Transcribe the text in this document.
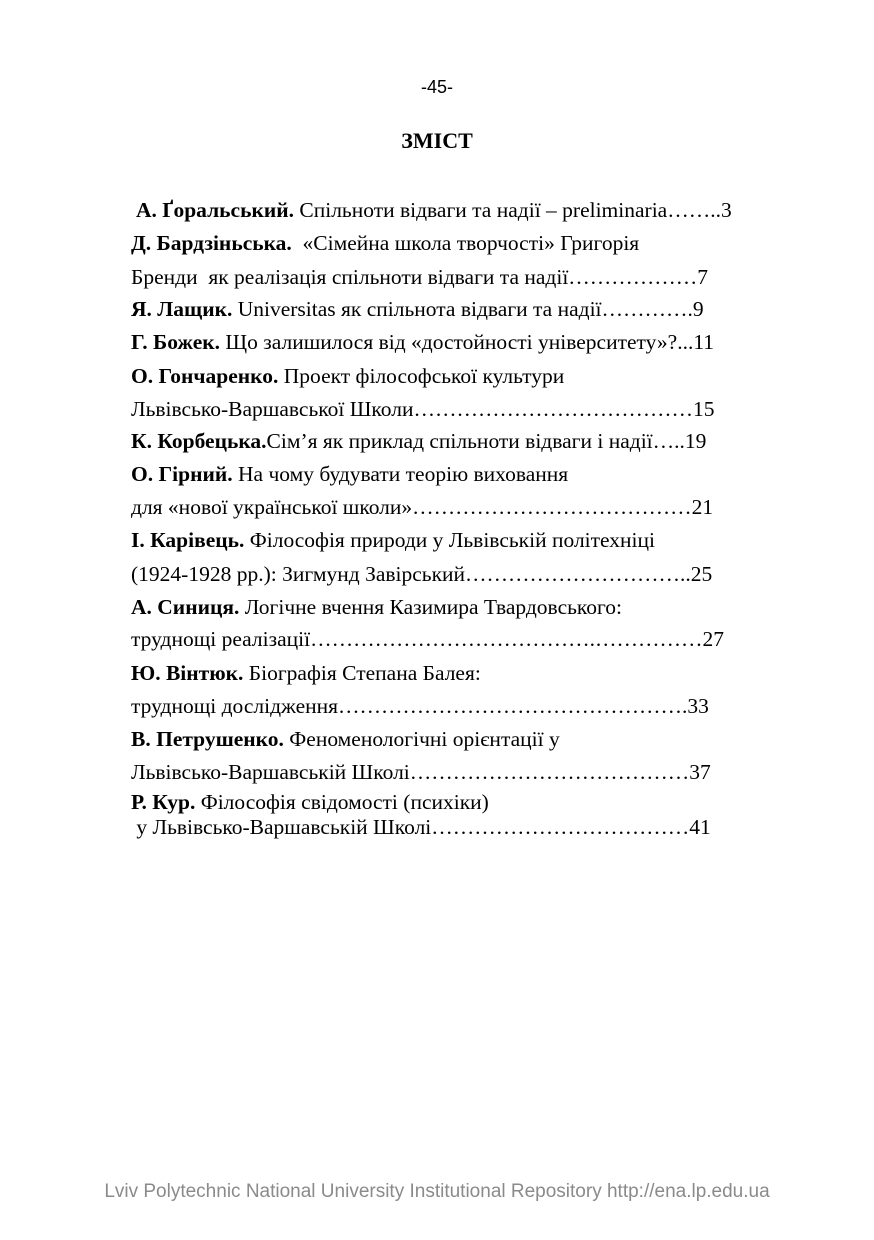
-45-
ЗМІСТ
А. Ґоральський. Спільноти відваги та надії – preliminaria……..3
Д. Бардзіньська.  «Сімейна школа творчості» Григорія
Бренди  як реалізація спільноти відваги та надії………………7
Я. Лащик. Universitas як спільнота відваги та надії………….9
Г. Божек. Що залишилося від «достойності університету»?...11
О. Гончаренко. Проект філософської культури
Львівсько-Варшавської Школи…………………………………15
К. Корбецька.Сім’я як приклад спільноти відваги і надії…..19
О. Гірний. На чому будувати теорію виховання
для «нової української школи»…………………………………21
І. Карівець. Філософія природи у Львівській політехніці
(1924-1928 рр.): Зигмунд Завірський…………………………..25
А. Синиця. Логічне вчення Казимира Твардовського:
труднощі реалізації………………………………….……………27
Ю. Вінтюк. Біографія Степана Балея:
труднощі дослідження………………………………………….33
В. Петрушенко. Феноменологічні орієнтації у
Львівсько-Варшавській Школі…………………………………37
Р. Кур. Філософія свідомості (психіки)
у Львівсько-Варшавській Школі………………………………41
Lviv Polytechnic National University Institutional Repository http://ena.lp.edu.ua
